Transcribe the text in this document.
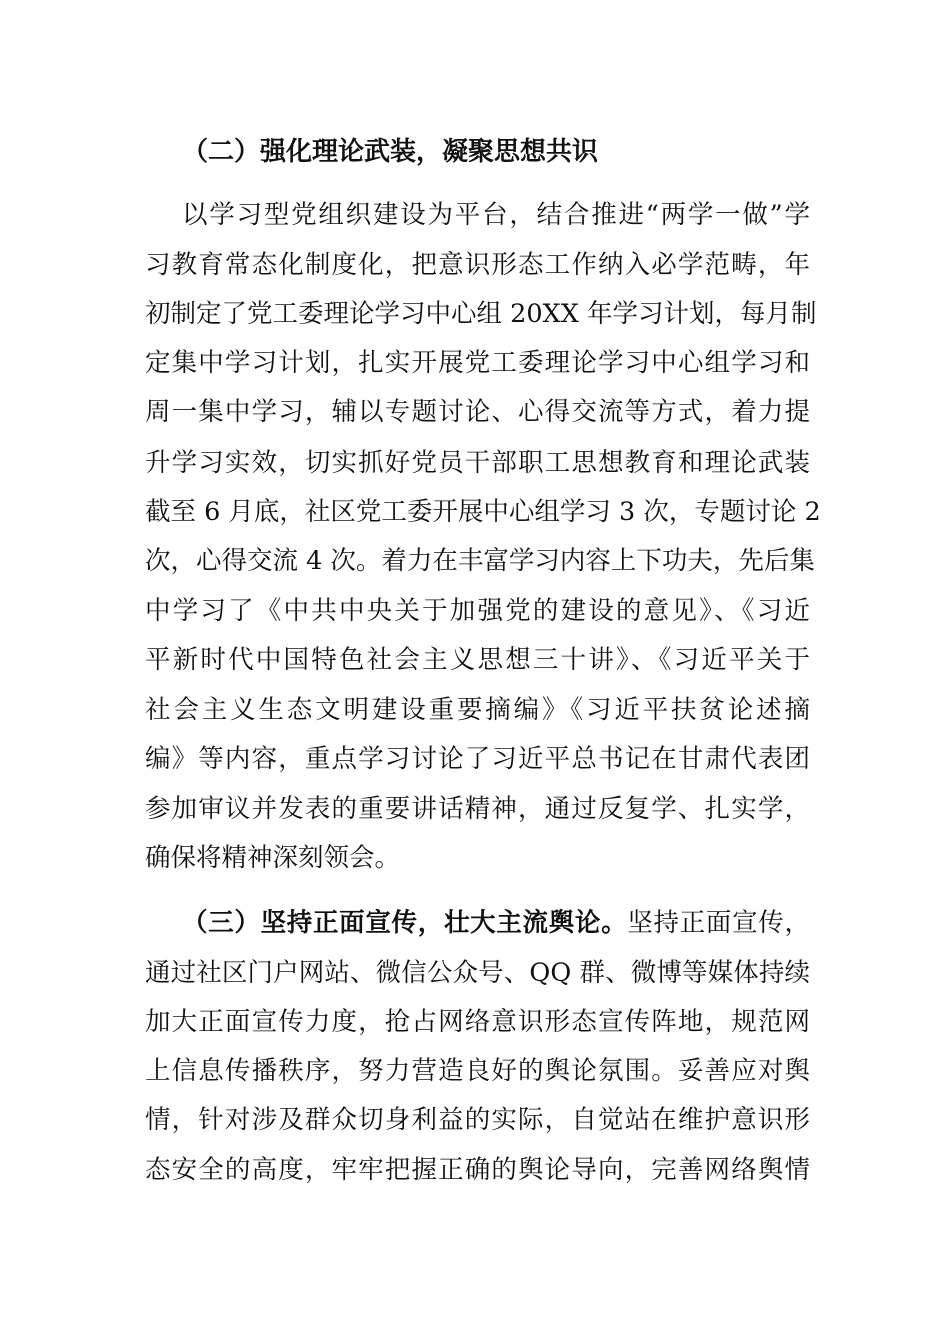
（二）强化理论武装，凝聚思想共识
以学习型党组织建设为平台，结合推进“两学一做”学
习教育常态化制度化，把意识形态工作纳入必学范畴，年
初制定了党工委理论学习中心组 20XX 年学习计划，每月制
定集中学习计划，扎实开展党工委理论学习中心组学习和
周一集中学习，辅以专题讨论、心得交流等方式，着力提
升学习实效，切实抓好党员干部职工思想教育和理论武装
截至 6 月底，社区党工委开展中心组学习 3 次，专题讨论 2
次，心得交流 4 次。着力在丰富学习内容上下功夫，先后集
中学习了《中共中央关于加强党的建设的意见》、《习近
平新时代中国特色社会主义思想三十讲》、《习近平关于
社会主义生态文明建设重要摘编》《习近平扶贫论述摘
编》等内容，重点学习讨论了习近平总书记在甘肃代表团
参加审议并发表的重要讲话精神，通过反复学、扎实学，
确保将精神深刻领会。
（三）坚持正面宣传，壮大主流舆论。坚持正面宣传，
通过社区门户网站、微信公众号、QQ 群、微博等媒体持续
加大正面宣传力度，抢占网络意识形态宣传阵地，规范网
上信息传播秩序，努力营造良好的舆论氛围。妥善应对舆
情，针对涉及群众切身利益的实际，自觉站在维护意识形
态安全的高度，牢牢把握正确的舆论导向，完善网络舆情
